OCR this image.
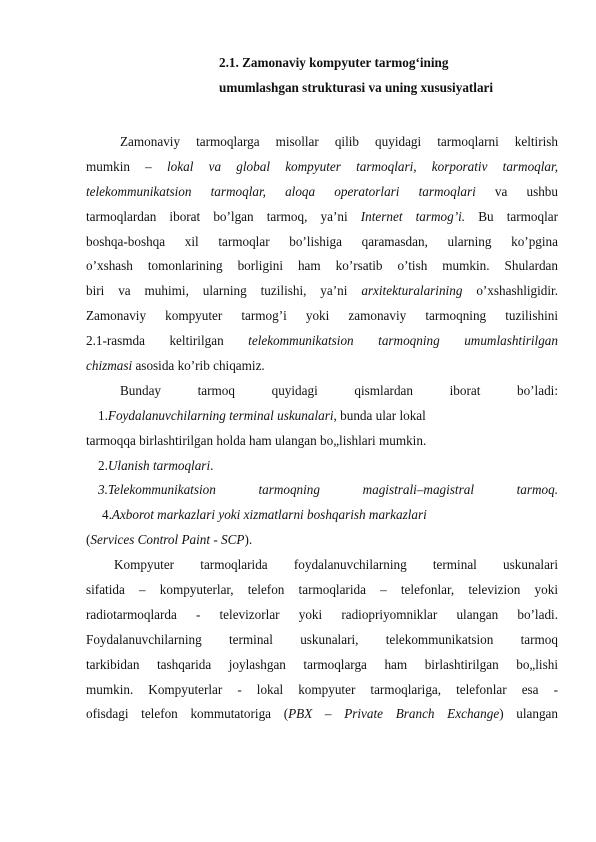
2.1. Zamonaviy kompyuter tarmog‘ining
umumlashgan strukturasi va uning xususiyatlari
Zamonaviy tarmoqlarga misollar qilib quyidagi tarmoqlarni keltirish
mumkin – lokal va global kompyuter tarmoqlari, korporativ tarmoqlar,
telekommunikatsion tarmoqlar, aloqa operatorlari tarmoqlari va ushbu
tarmoqlardan iborat bo’lgan tarmoq, ya’ni Internet tarmog’i. Bu tarmoqlar
boshqa-boshqa xil tarmoqlar bo’lishiga qaramasdan, ularning ko’pgina
o’xshash tomonlarining borligini ham ko’rsatib o’tish mumkin. Shulardan
biri va muhimi, ularning tuzilishi, ya’ni arxitekturalarining o’xshashligidir.
Zamonaviy kompyuter tarmog’i yoki zamonaviy tarmoqning tuzilishini
2.1-rasmda keltirilgan telekommunikatsion tarmoqning umumlashtirilgan
chizmasi asosida ko’rib chiqamiz.
Bunday tarmoq quyidagi qismlardan iborat bo’ladi:
1.Foydalanuvchilarning terminal uskunalari, bunda ular lokal
tarmoqqa birlashtirilgan holda ham ulangan bo„lishlari mumkin.
2.Ulanish tarmoqlari.
3.Telekommunikatsion tarmoqning magistrali–magistral tarmoq.
4.Axborot markazlari yoki xizmatlarni boshqarish markazlari
(Services Control Paint - SCP).
Kompyuter tarmoqlarida foydalanuvchilarning terminal uskunalari
sifatida – kompyuterlar, telefon tarmoqlarida – telefonlar, televizion yoki
radiotarmoqlarda - televizorlar yoki radiopriyomniklar ulangan bo’ladi.
Foydalanuvchilarning terminal uskunalari, telekommunikatsion tarmoq
tarkibidan tashqarida joylashgan tarmoqlarga ham birlashtirilgan bo„lishi
mumkin. Kompyuterlar - lokal kompyuter tarmoqlariga, telefonlar esa -
ofisdagi telefon kommutatoriga (PBX – Private Branch Exchange) ulangan
